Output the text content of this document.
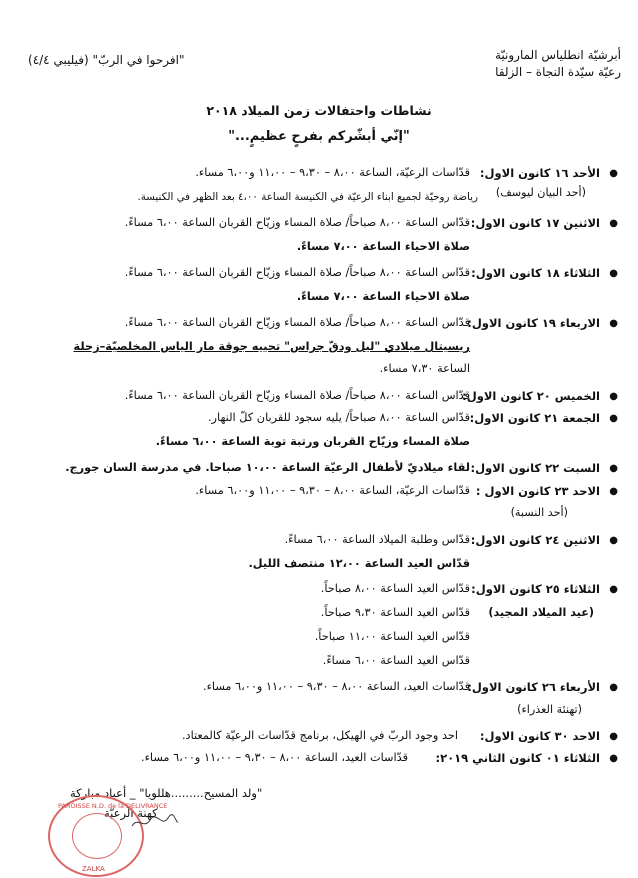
أبرشيّة انطلياس المارونيّة
رعيّة سيّدة النجاة – الزلقا
"افرحوا في الربّ" (فيليبي ٤/٤)
نشاطات واحتفالات زمن الميلاد ٢٠١٨
"إنّي أبشّركم بفرحٍ عظيمٍ..."
●
الأحد ١٦ كانون الاول:
(أحد البيان ليوسف)
قدّاسات الرعيّة، الساعة ٨،٠٠ – ٩،٣٠ – ١١،٠٠ و٦،٠٠ مساء.
رياضة روحيّة لجميع ابناء الرعيّة في الكنيسة الساعة ٤،٠٠ بعد الظهر في الكنيسة.
●
الاثنين ١٧ كانون الاول:
قدّاس الساعة ٨،٠٠ صباحاً/ صلاة المساء وزيّاح القربان الساعة ٦،٠٠ مساءً.
صلاة الاحياء الساعة ٧،٠٠ مساءً.
●
الثلاثاء ١٨ كانون الاول:
قدّاس الساعة ٨،٠٠ صباحاً/ صلاة المساء وزيّاح القربان الساعة ٦،٠٠ مساءً.
صلاة الاحياء الساعة ٧،٠٠ مساءً.
●
الاربعاء ١٩ كانون الاول:
قدّاس الساعة ٨،٠٠ صباحاً/ صلاة المساء وزيّاح القربان الساعة ٦،٠٠ مساءً.
ريسيتال ميلادي "ليل ودقّ جراس" تحييه جوقة مار الياس المخلصيّة–زحلة
الساعة ٧،٣٠ مساء.
●
الخميس ٢٠ كانون الاول:
قدّاس الساعة ٨،٠٠ صباحاً/ صلاة المساء وزيّاح القربان الساعة ٦،٠٠ مساءً.
●
الجمعة ٢١ كانون الاول:
قدّاس الساعة ٨،٠٠ صباحاً/ يليه سجود للقربان كلّ النهار.
صلاة المساء وزيّاح القربان ورتبة توبة الساعة ٦،٠٠ مساءً.
●
السبت ٢٢ كانون الاول:
لقاء ميلاديّ لأطفال الرعيّة الساعة ١٠،٠٠ صباحا. في مدرسة السان جورج.
●
الاحد ٢٣ كانون الاول :
(أحد النسبة)
قدّاسات الرعيّة، الساعة ٨،٠٠ – ٩،٣٠ – ١١،٠٠ و٦،٠٠ مساء.
●
الاثنين ٢٤ كانون الاول:
قدّاس وطلبة الميلاد الساعة ٦،٠٠ مساءً.
قدّاس العيد الساعة ١٢،٠٠ منتصف الليل.
●
الثلاثاء ٢٥ كانون الاول:
(عيد الميلاد المجيد)
قدّاس العيد الساعة ٨،٠٠ صباحاً.
قدّاس العيد الساعة ٩،٣٠ صباحاً.
قدّاس العيد الساعة ١١،٠٠ صباحاً.
قدّاس العيد الساعة ٦،٠٠ مساءً.
●
الأربعاء ٢٦ كانون الاول:
(تهنئة العذراء)
قدّاسات العيد، الساعة ٨،٠٠ – ٩،٣٠ – ١١،٠٠ و٦،٠٠ مساء.
●
الاحد ٣٠ كانون الاول:
احد وجود الربّ في الهيكل، برنامج قدّاسات الرعيّة كالمعتاد.
●
الثلاثاء ٠١ كانون الثاني ٢٠١٩:
قدّاسات العيد، الساعة ٨،٠٠ – ٩،٣٠ – ١١،٠٠ و٦،٠٠ مساء.
"ولد المسيح.........هللويا" _ أعياد مباركة
كهنة الرعيّة
PAROISSE N.D. de la DELIVRANCE
ZALKA
